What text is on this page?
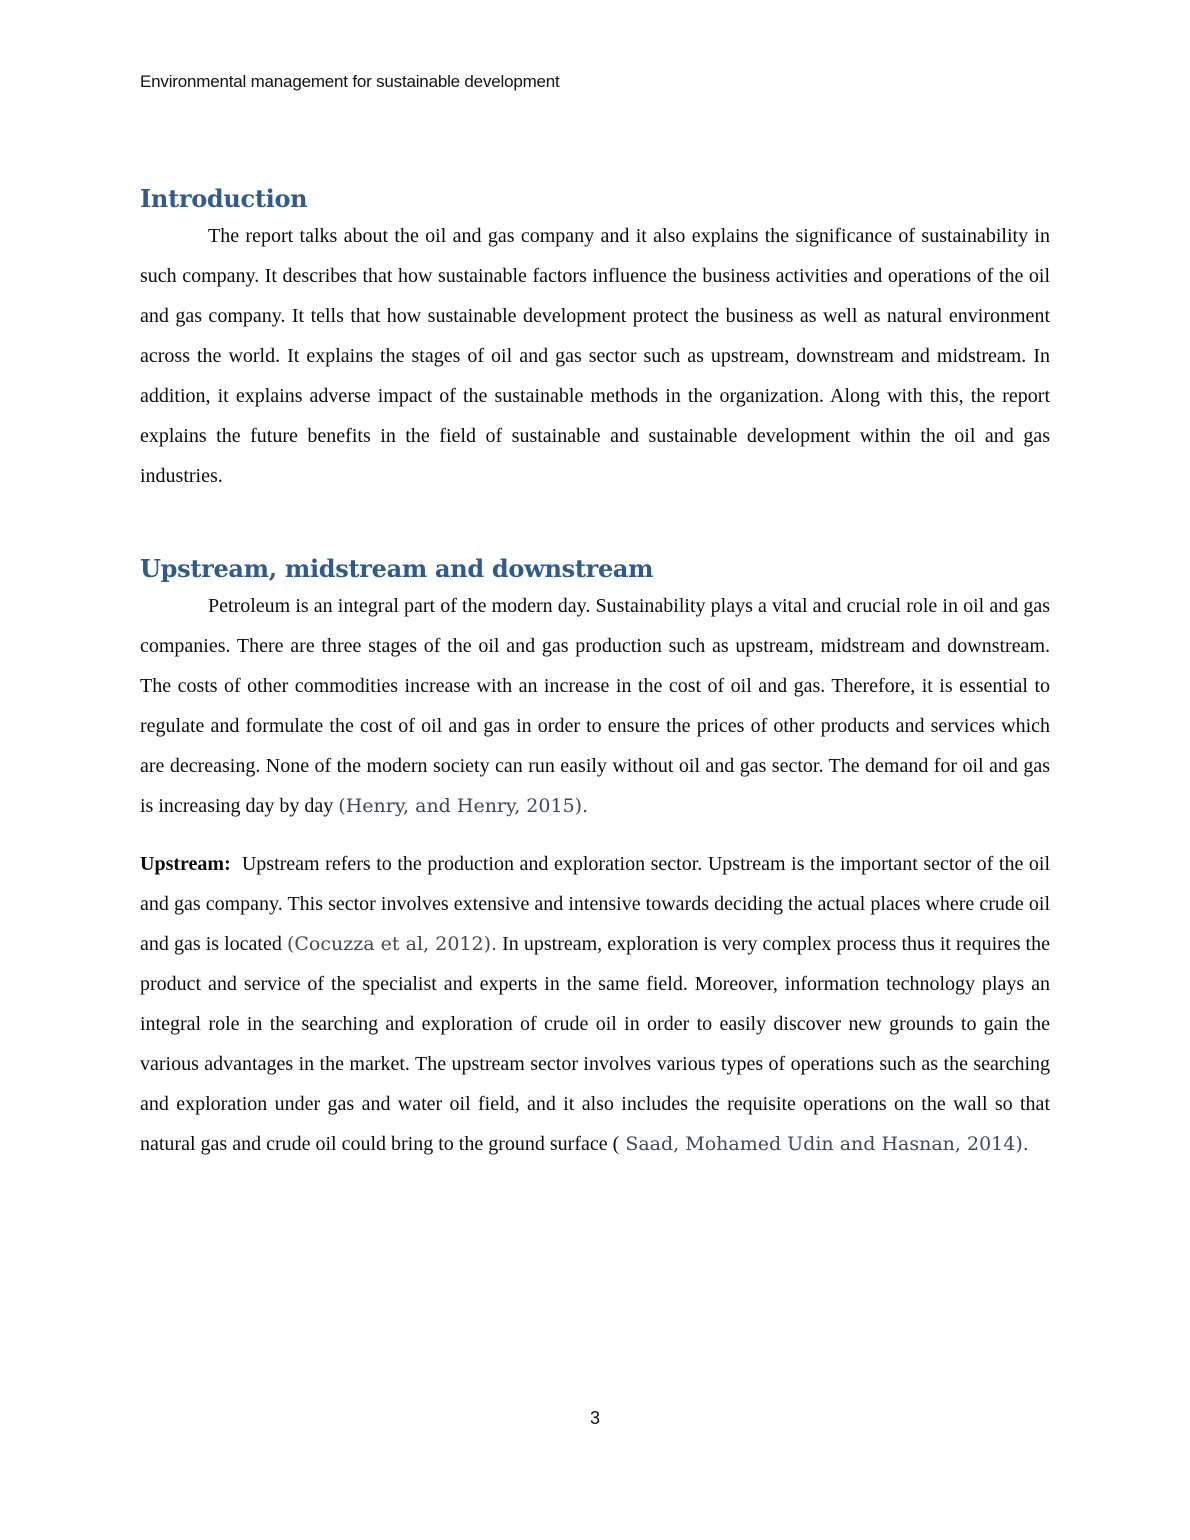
Environmental management for sustainable development
Introduction

The report talks about the oil and gas company and it also explains the significance of sustainability in such company. It describes that how sustainable factors influence the business activities and operations of the oil and gas company. It tells that how sustainable development protect the business as well as natural environment across the world. It explains the stages of oil and gas sector such as upstream, downstream and midstream. In addition, it explains adverse impact of the sustainable methods in the organization. Along with this, the report explains the future benefits in the field of sustainable and sustainable development within the oil and gas industries.

Upstream, midstream and downstream

Petroleum is an integral part of the modern day. Sustainability plays a vital and crucial role in oil and gas companies. There are three stages of the oil and gas production such as upstream, midstream and downstream. The costs of other commodities increase with an increase in the cost of oil and gas. Therefore, it is essential to regulate and formulate the cost of oil and gas in order to ensure the prices of other products and services which are decreasing. None of the modern society can run easily without oil and gas sector. The demand for oil and gas is increasing day by day (Henry, and Henry, 2015).

Upstream:  Upstream refers to the production and exploration sector. Upstream is the important sector of the oil and gas company. This sector involves extensive and intensive towards deciding the actual places where crude oil and gas is located (Cocuzza et al, 2012). In upstream, exploration is very complex process thus it requires the product and service of the specialist and experts in the same field. Moreover, information technology plays an integral role in the searching and exploration of crude oil in order to easily discover new grounds to gain the various advantages in the market. The upstream sector involves various types of operations such as the searching and exploration under gas and water oil field, and it also includes the requisite operations on the wall so that natural gas and crude oil could bring to the ground surface ( Saad, Mohamed Udin and Hasnan, 2014).

3
